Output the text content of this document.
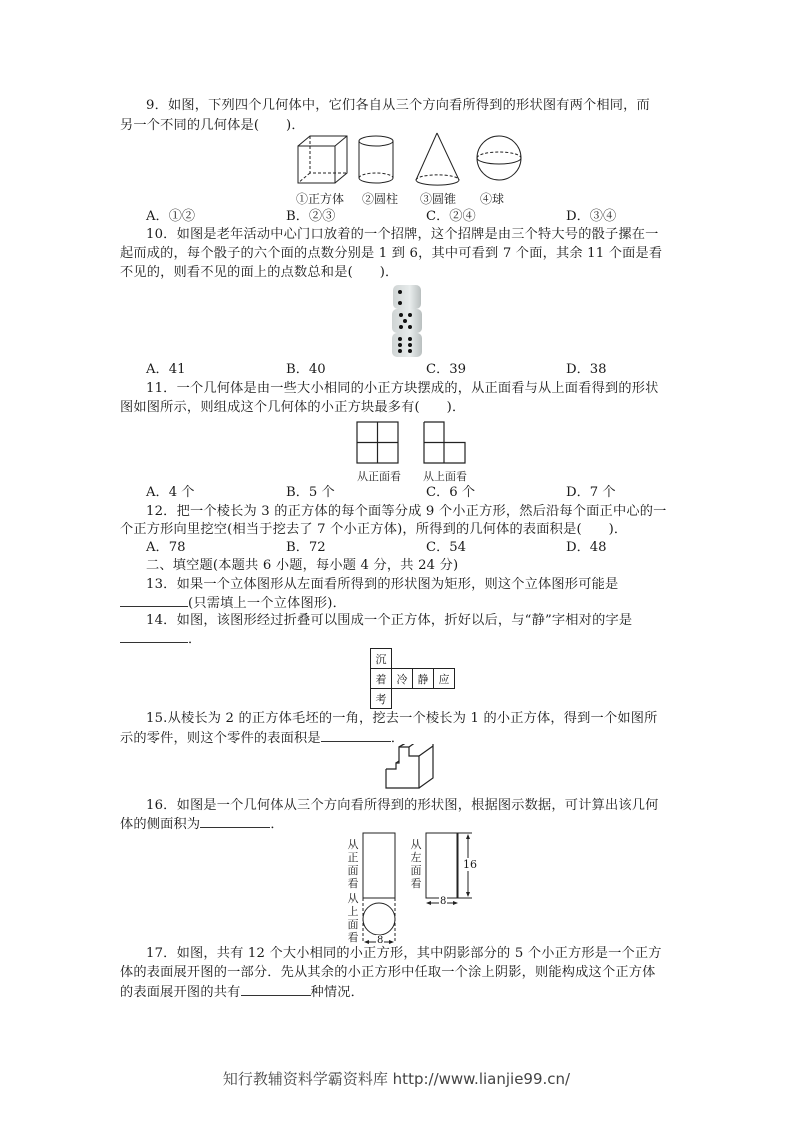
9．如图，下列四个几何体中，它们各自从三个方向看所得到的形状图有两个相同，而
另一个不同的几何体是(　　)．
①正方体 ②圆柱 ③圆锥 ④球
A．①②	B．②③	C．②④	D．③④
10．如图是老年活动中心门口放着的一个招牌，这个招牌是由三个特大号的骰子摞在一
起而成的，每个骰子的六个面的点数分别是 1 到 6，其中可看到 7 个面，其余 11 个面是看
不见的，则看不见的面上的点数总和是(　　)．
A．41	B．40	C．39	D．38
11．一个几何体是由一些大小相同的小正方块摆成的，从正面看与从上面看得到的形状
图如图所示，则组成这个几何体的小正方块最多有(　　)．
从正面看 从上面看
A．4 个	B．5 个	C．6 个	D．7 个
12．把一个棱长为 3 的正方体的每个面等分成 9 个小正方形，然后沿每个面正中心的一
个正方形向里挖空(相当于挖去了 7 个小正方体)，所得到的几何体的表面积是(　　)．
A．78	B．72	C．54	D．48
二、填空题(本题共 6 小题，每小题 4 分，共 24 分)
13．如果一个立体图形从左面看所得到的形状图为矩形，则这个立体图形可能是
(只需填上一个立体图形)．
14．如图，该图形经过折叠可以围成一个正方体，折好以后，与“静”字相对的字是
．
沉			
着	冷	静	应
考			
15.从棱长为 2 的正方体毛坯的一角，挖去一个棱长为 1 的小正方体，得到一个如图所
示的零件，则这个零件的表面积是	．
16．如图是一个几何体从三个方向看所得到的形状图，根据图示数据，可计算出该几何
体的侧面积为	．
从
正
面
看
从
上
面
看
从
左
面
看
16
8
8
17．如图，共有 12 个大小相同的小正方形，其中阴影部分的 5 个小正方形是一个正方
体的表面展开图的一部分．先从其余的小正方形中任取一个涂上阴影，则能构成这个正方体
的表面展开图的共有	种情况．
知行教辅资料学霸资料库 http://www.lianjie99.cn/
